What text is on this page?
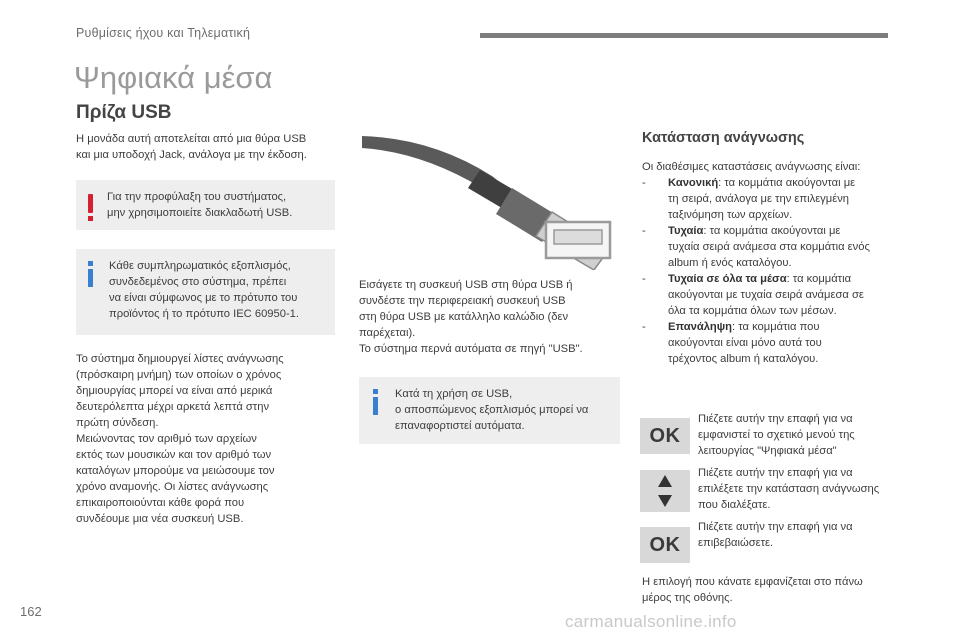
Ρυθμίσεις ήχου και Τηλεματική
Ψηφιακά μέσα
Πρίζα USB

Η μονάδα αυτή αποτελείται από μια θύρα USB

και μια υποδοχή Jack, ανάλογα με την έκδοση.

Για την προφύλαξη του συστήματος,

μην χρησιμοποιείτε διακλαδωτή USB.

Κάθε συμπληρωματικός εξοπλισμός,

συνδεδεμένος στο σύστημα, πρέπει

να είναι σύμφωνος με το πρότυπο του

προϊόντος ή το πρότυπο IEC 60950-1.

Το σύστημα δημιουργεί λίστες ανάγνωσης

(πρόσκαιρη μνήμη) των οποίων ο χρόνος

δημιουργίας μπορεί να είναι από μερικά

δευτερόλεπτα μέχρι αρκετά λεπτά στην

πρώτη σύνδεση.

Μειώνοντας τον αριθμό των αρχείων

εκτός των μουσικών και τον αριθμό των

καταλόγων μπορούμε να μειώσουμε τον

χρόνο αναμονής. Οι λίστες ανάγνωσης

επικαιροποιούνται κάθε φορά που

συνδέουμε μια νέα συσκευή USB.

Εισάγετε τη συσκευή USB στη θύρα USB ή

συνδέστε την περιφερειακή συσκευή USB

στη θύρα USB με κατάλληλο καλώδιο (δεν

παρέχεται).

Το σύστημα περνά αυτόματα σε πηγή "USB".

Κατά τη χρήση σε USB,

ο αποσπώμενος εξοπλισμός μπορεί να

επαναφορτιστεί αυτόματα.

Κατάσταση ανάγνωσης
Οι διαθέσιμες καταστάσεις ανάγνωσης είναι:
- Κανονική: τα κομμάτια ακούγονται με

τη σειρά, ανάλογα με την επιλεγμένη

ταξινόμηση των αρχείων.

- Τυχαία: τα κομμάτια ακούγονται με

τυχαία σειρά ανάμεσα στα κομμάτια ενός

album ή ενός καταλόγου.

- Τυχαία σε όλα τα μέσα: τα κομμάτια

ακούγονται με τυχαία σειρά ανάμεσα σε

όλα τα κομμάτια όλων των μέσων.

- Επανάληψη: τα κομμάτια που

ακούγονται είναι μόνο αυτά του

τρέχοντος album ή καταλόγου.

OK

Πιέζετε αυτήν την επαφή για να

εμφανιστεί το σχετικό μενού της

λειτουργίας "Ψηφιακά μέσα"

Πιέζετε αυτήν την επαφή για να

επιλέξετε την κατάσταση ανάγνωσης

που διαλέξατε.

OK

Πιέζετε αυτήν την επαφή για να

επιβεβαιώσετε.

Η επιλογή που κάνατε εμφανίζεται στο πάνω

μέρος της οθόνης.

162
carmanualsonline.info
